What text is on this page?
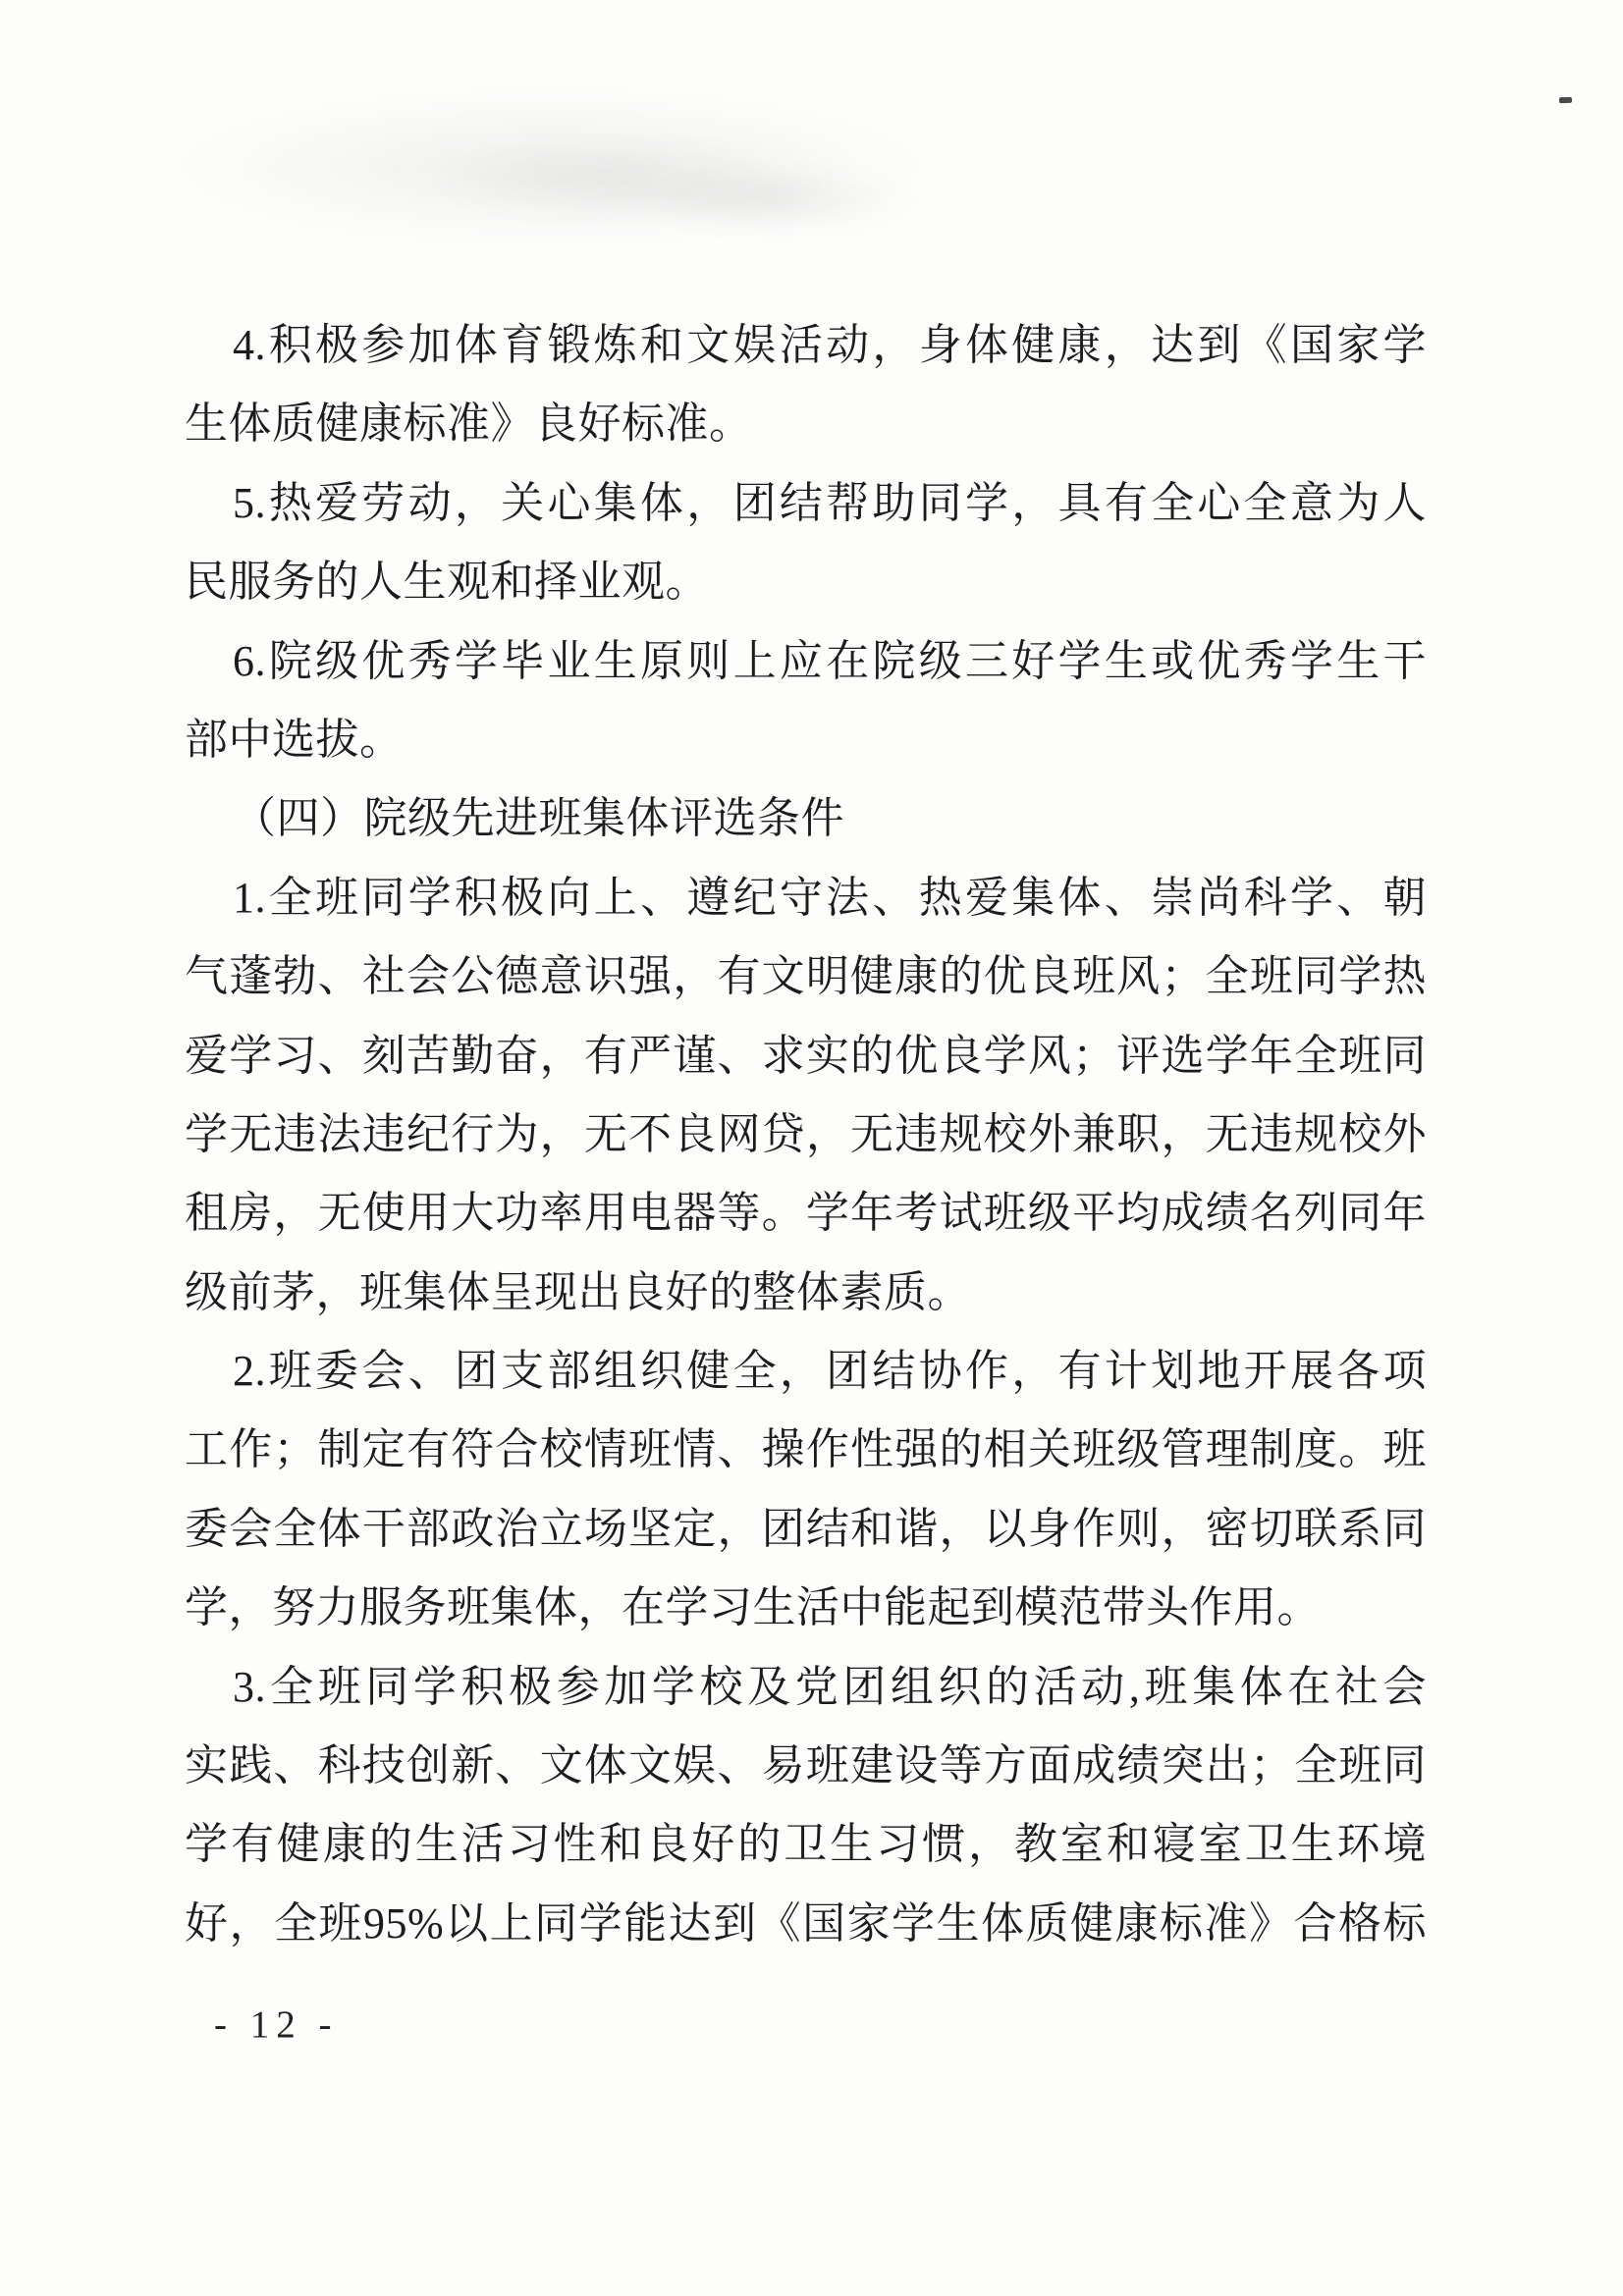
4.积极参加体育锻炼和文娱活动，身体健康，达到《国家学
生体质健康标准》良好标准。
5.热爱劳动，关心集体，团结帮助同学，具有全心全意为人
民服务的人生观和择业观。
6.院级优秀学毕业生原则上应在院级三好学生或优秀学生干
部中选拔。
（四）院级先进班集体评选条件
1.全班同学积极向上、遵纪守法、热爱集体、崇尚科学、朝
气蓬勃、社会公德意识强，有文明健康的优良班风；全班同学热
爱学习、刻苦勤奋，有严谨、求实的优良学风；评选学年全班同
学无违法违纪行为，无不良网贷，无违规校外兼职，无违规校外
租房，无使用大功率用电器等。学年考试班级平均成绩名列同年
级前茅，班集体呈现出良好的整体素质。
2.班委会、团支部组织健全，团结协作，有计划地开展各项
工作；制定有符合校情班情、操作性强的相关班级管理制度。班
委会全体干部政治立场坚定，团结和谐，以身作则，密切联系同
学，努力服务班集体，在学习生活中能起到模范带头作用。
3.全班同学积极参加学校及党团组织的活动,班集体在社会
实践、科技创新、文体文娱、易班建设等方面成绩突出；全班同
学有健康的生活习性和良好的卫生习惯，教室和寝室卫生环境
好，全班95%以上同学能达到《国家学生体质健康标准》合格标
- 12 -
